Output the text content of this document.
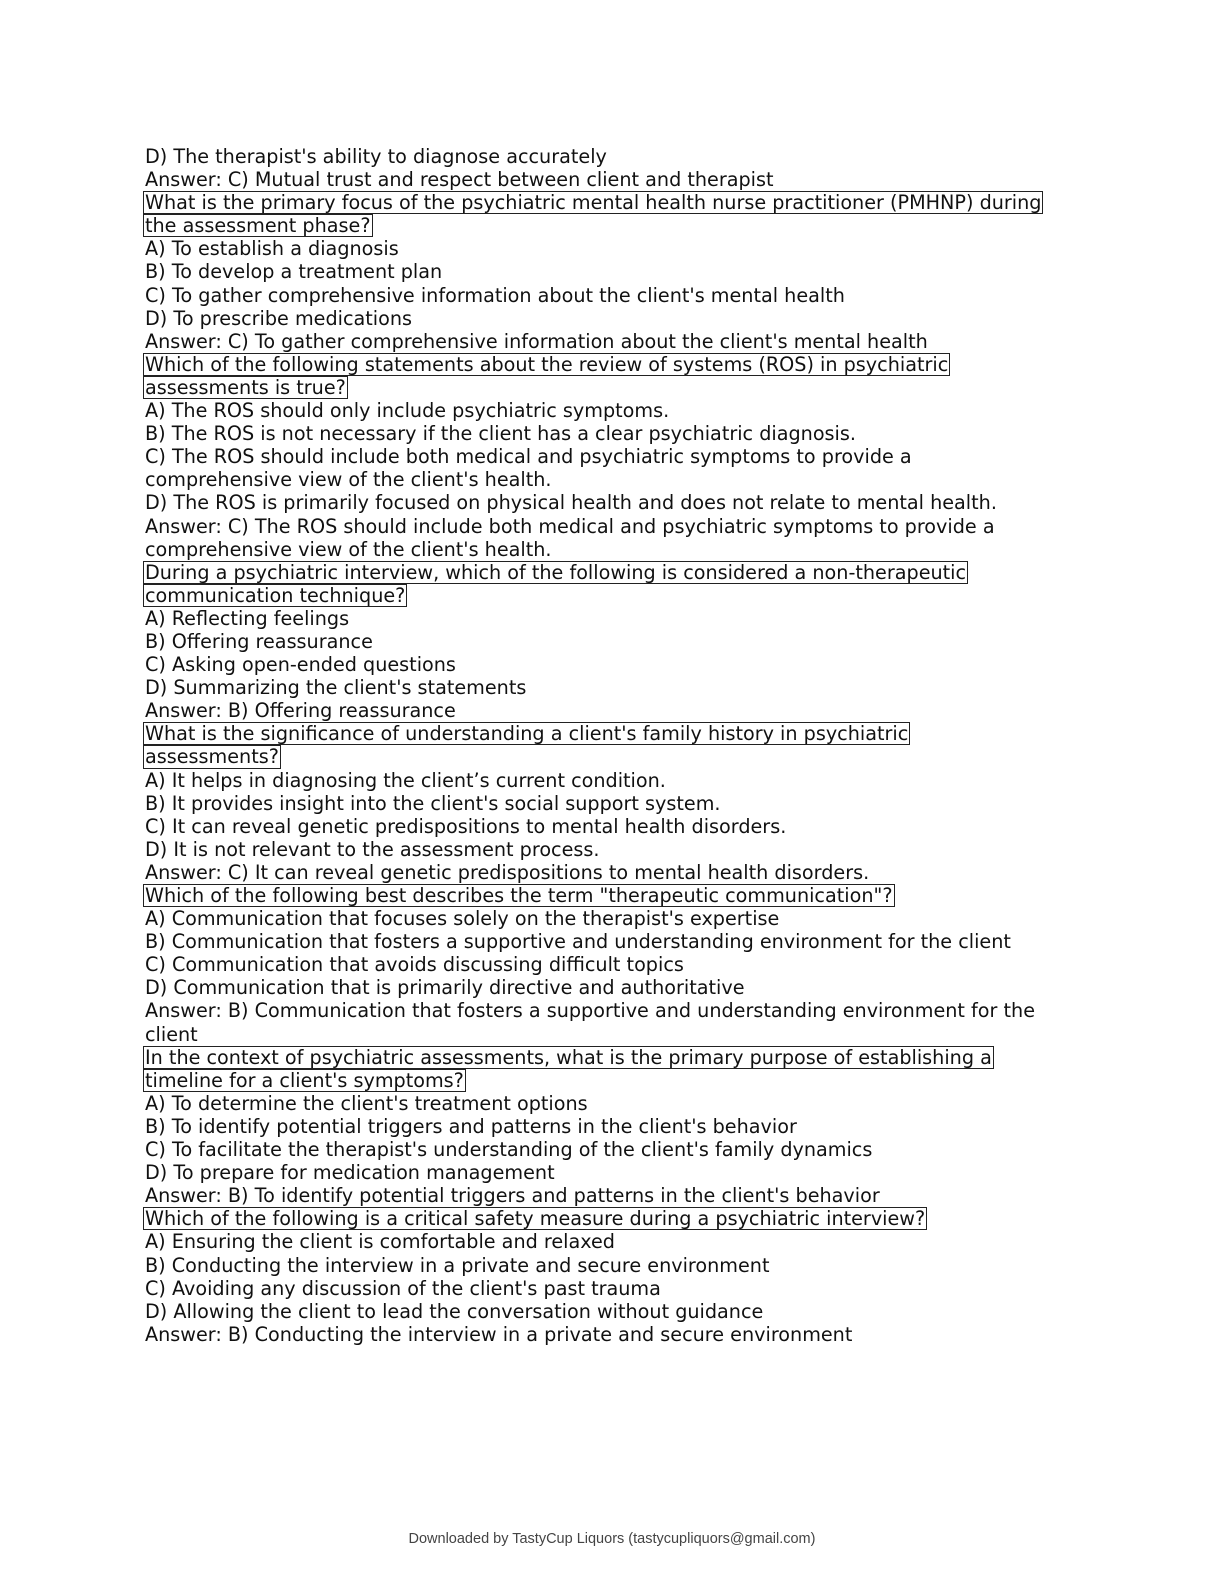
D) The therapist's ability to diagnose accurately
Answer: C) Mutual trust and respect between client and therapist
What is the primary focus of the psychiatric mental health nurse practitioner (PMHNP) during
the assessment phase?
A) To establish a diagnosis
B) To develop a treatment plan
C) To gather comprehensive information about the client's mental health
D) To prescribe medications
Answer: C) To gather comprehensive information about the client's mental health
Which of the following statements about the review of systems (ROS) in psychiatric
assessments is true?
A) The ROS should only include psychiatric symptoms.
B) The ROS is not necessary if the client has a clear psychiatric diagnosis.
C) The ROS should include both medical and psychiatric symptoms to provide a
comprehensive view of the client's health.
D) The ROS is primarily focused on physical health and does not relate to mental health.
Answer: C) The ROS should include both medical and psychiatric symptoms to provide a
comprehensive view of the client's health.
During a psychiatric interview, which of the following is considered a non-therapeutic
communication technique?
A) Reflecting feelings
B) Offering reassurance
C) Asking open-ended questions
D) Summarizing the client's statements
Answer: B) Offering reassurance
What is the significance of understanding a client's family history in psychiatric
assessments?
A) It helps in diagnosing the client’s current condition.
B) It provides insight into the client's social support system.
C) It can reveal genetic predispositions to mental health disorders.
D) It is not relevant to the assessment process.
Answer: C) It can reveal genetic predispositions to mental health disorders.
Which of the following best describes the term "therapeutic communication"?
A) Communication that focuses solely on the therapist's expertise
B) Communication that fosters a supportive and understanding environment for the client
C) Communication that avoids discussing difficult topics
D) Communication that is primarily directive and authoritative
Answer: B) Communication that fosters a supportive and understanding environment for the
client
In the context of psychiatric assessments, what is the primary purpose of establishing a
timeline for a client's symptoms?
A) To determine the client's treatment options
B) To identify potential triggers and patterns in the client's behavior
C) To facilitate the therapist's understanding of the client's family dynamics
D) To prepare for medication management
Answer: B) To identify potential triggers and patterns in the client's behavior
Which of the following is a critical safety measure during a psychiatric interview?
A) Ensuring the client is comfortable and relaxed
B) Conducting the interview in a private and secure environment
C) Avoiding any discussion of the client's past trauma
D) Allowing the client to lead the conversation without guidance
Answer: B) Conducting the interview in a private and secure environment
Downloaded by TastyCup Liquors (tastycupliquors@gmail.com)
